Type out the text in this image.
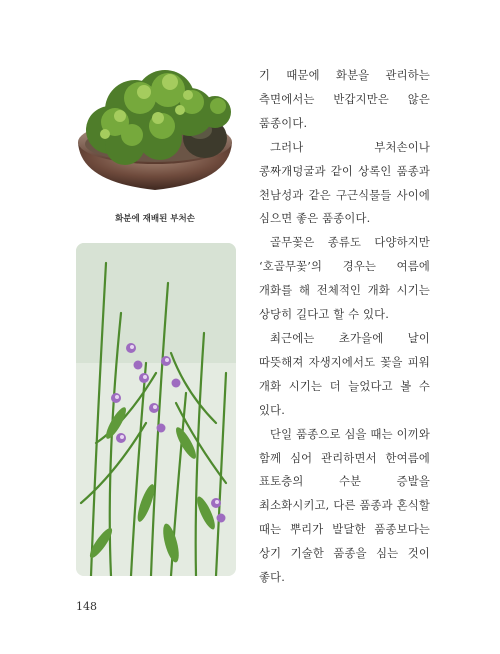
화분에 재배된 부처손

기 때문에 화분을 관리하는 측면에서는 반갑지만은 않은 품종이다.

그러나 부처손이나 콩짜개덩굴과 같이 상록인 품종과 천남성과 같은 구근식물들 사이에 심으면 좋은 품종이다.

골무꽃은 종류도 다양하지만 ‘호골무꽃’의 경우는 여름에 개화를 해 전체적인 개화 시기는 상당히 길다고 할 수 있다.

최근에는 초가을에 날이 따뜻해져 자생지에서도 꽃을 피워 개화 시기는 더 늘었다고 볼 수 있다.

단일 품종으로 심을 때는 이끼와 함께 심어 관리하면서 한여름에 표토층의 수분 증발을 최소화시키고, 다른 품종과 혼식할 때는 뿌리가 발달한 품종보다는 상기 기술한 품종을 심는 것이 좋다.

148
